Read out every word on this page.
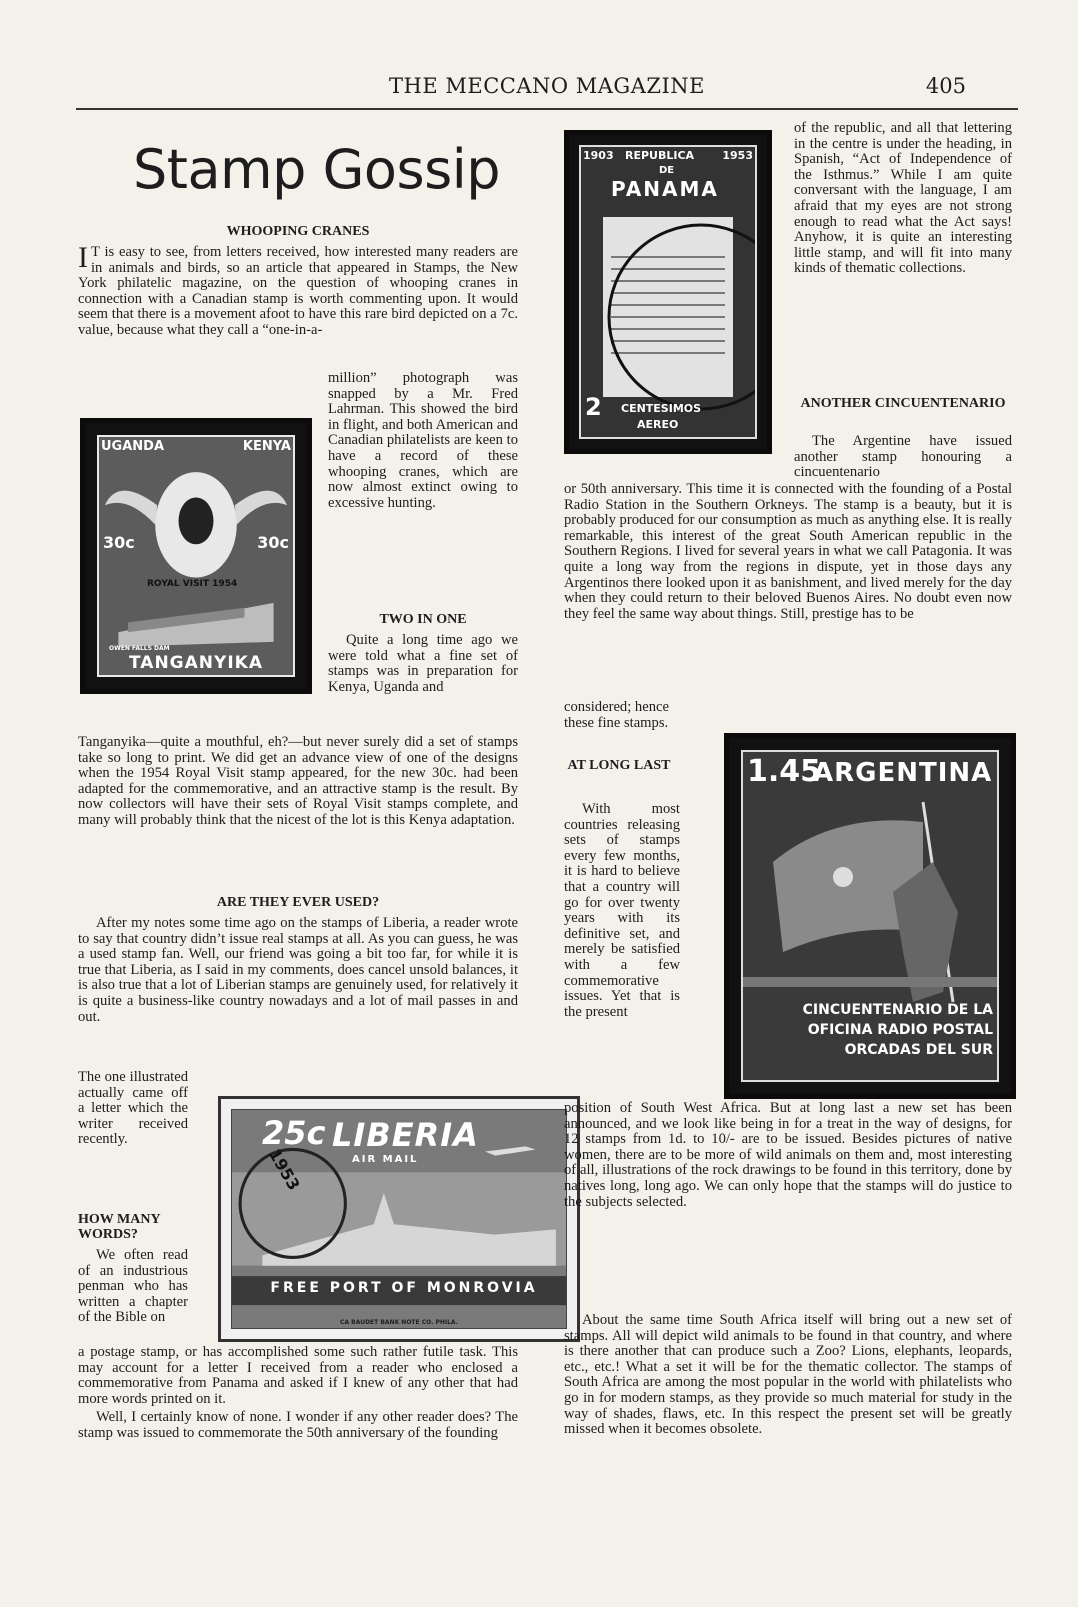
THE MECCANO MAGAZINE	405
Stamp Gossip
WHOOPING CRANES

I T is easy to see, from letters received, how interested many readers are in animals and birds, so an article that appeared in Stamps, the New York philatelic magazine, on the question of whooping cranes in connection with a Canadian stamp is worth commenting upon. It would seem that there is a movement afoot to have this rare bird depicted on a 7c. value, because what they call a “one-in-a-

UGANDA	KENYA
30c	30c
ROYAL VISIT 1954
OWEN FALLS DAM
TANGANYIKA

million” photograph was snapped by a Mr. Fred Lahrman. This showed the bird in flight, and both American and Canadian philatelists are keen to have a record of these whooping cranes, which are now almost extinct owing to excessive hunting.

TWO IN ONE

Quite a long time ago we were told what a fine set of stamps was in preparation for Kenya, Uganda and

Tanganyika—quite a mouthful, eh?—but never surely did a set of stamps take so long to print. We did get an advance view of one of the designs when the 1954 Royal Visit stamp appeared, for the new 30c. had been adapted for the commemorative, and an attractive stamp is the result. By now collectors will have their sets of Royal Visit stamps complete, and many will probably think that the nicest of the lot is this Kenya adaptation.

ARE THEY EVER USED?

After my notes some time ago on the stamps of Liberia, a reader wrote to say that country didn’t issue real stamps at all. As you can guess, he was a used stamp fan. Well, our friend was going a bit too far, for while it is true that Liberia, as I said in my comments, does cancel unsold balances, it is also true that a lot of Liberian stamps are genuinely used, for relatively it is quite a business-like country nowadays and a lot of mail passes in and out.

The one illustrated actually came off a letter which the writer received recently.

HOW MANY WORDS?

We often read of an industrious penman who has written a chapter of the Bible on

25c LIBERIA
AIR MAIL
1953
FREE PORT OF MONROVIA
CA BAUDET BANK NOTE CO. PHILA.

a postage stamp, or has accomplished some such rather futile task. This may account for a letter I received from a reader who enclosed a commemorative from Panama and asked if I knew of any other that had more words printed on it.

Well, I certainly know of none. I wonder if any other reader does? The stamp was issued to commemorate the 50th anniversary of the founding

1903 REPUBLICA	1953
DE
PANAMA
2 CENTESIMOS
AEREO

of the republic, and all that lettering in the centre is under the heading, in Spanish, “Act of Independence of the Isthmus.” While I am quite conversant with the language, I am afraid that my eyes are not strong enough to read what the Act says! Anyhow, it is quite an interesting little stamp, and will fit into many kinds of thematic collections.

ANOTHER CINCUENTENARIO

The Argentine have issued another stamp honouring a cincuentenario

or 50th anniversary. This time it is connected with the founding of a Postal Radio Station in the Southern Orkneys. The stamp is a beauty, but it is probably produced for our consumption as much as anything else. It is really remarkable, this interest of the great South American republic in the Southern Regions. I lived for several years in what we call Patagonia. It was quite a long way from the regions in dispute, yet in those days any Argentinos there looked upon it as banishment, and lived merely for the day when they could return to their beloved Buenos Aires. No doubt even now they feel the same way about things. Still, prestige has to be

considered; hence these fine stamps.

1.45
ARGENTINA
CINCUENTENARIO DE LA
OFICINA RADIO POSTAL
ORCADAS DEL SUR
AT LONG LAST

With most countries releasing sets of stamps every few months, it is hard to believe that a country will go for over twenty years with its definitive set, and merely be satisfied with a few commemorative issues. Yet that is the present

position of South West Africa. But at long last a new set has been announced, and we look like being in for a treat in the way of designs, for 12 stamps from 1d. to 10/- are to be issued. Besides pictures of native women, there are to be more of wild animals on them and, most interesting of all, illustrations of the rock drawings to be found in this territory, done by natives long, long ago. We can only hope that the stamps will do justice to the subjects selected.

About the same time South Africa itself will bring out a new set of stamps. All will depict wild animals to be found in that country, and where is there another that can produce such a Zoo? Lions, elephants, leopards, etc., etc.! What a set it will be for the thematic collector. The stamps of South Africa are among the most popular in the world with philatelists who go in for modern stamps, as they provide so much material for study in the way of shades, flaws, etc. In this respect the present set will be greatly missed when it becomes obsolete.
